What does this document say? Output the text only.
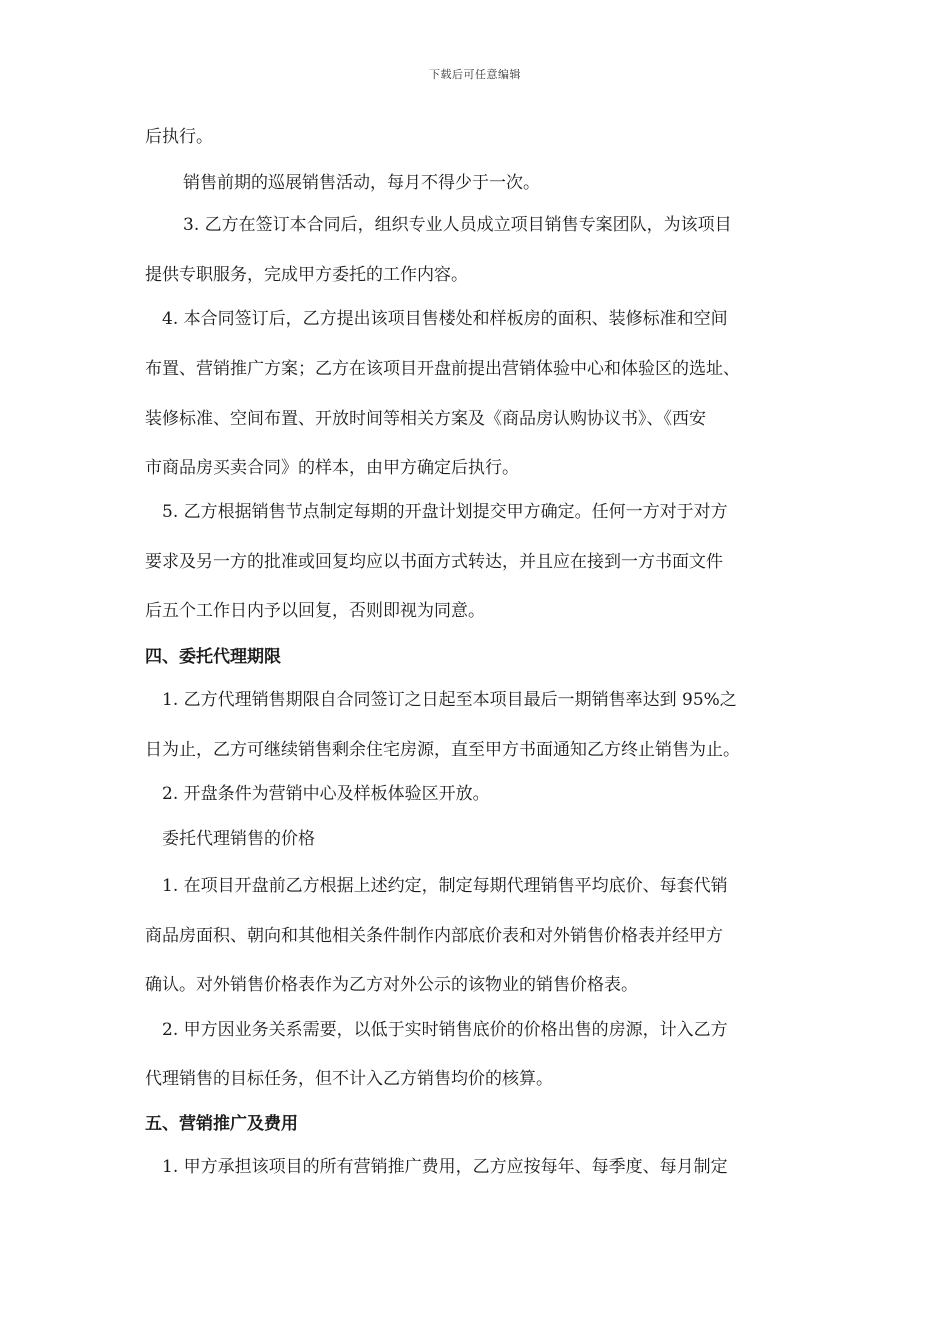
下载后可任意编辑
后执行。
销售前期的巡展销售活动，每月不得少于一次。
3. 乙方在签订本合同后，组织专业人员成立项目销售专案团队，为该项目
提供专职服务，完成甲方委托的工作内容。
4. 本合同签订后，乙方提出该项目售楼处和样板房的面积、装修标准和空间
布置、营销推广方案；乙方在该项目开盘前提出营销体验中心和体验区的选址、
装修标准、空间布置、开放时间等相关方案及《商品房认购协议书》、《西安
市商品房买卖合同》的样本，由甲方确定后执行。
5. 乙方根据销售节点制定每期的开盘计划提交甲方确定。任何一方对于对方
要求及另一方的批准或回复均应以书面方式转达，并且应在接到一方书面文件
后五个工作日内予以回复，否则即视为同意。
四、委托代理期限
1. 乙方代理销售期限自合同签订之日起至本项目最后一期销售率达到 95%之
日为止，乙方可继续销售剩余住宅房源，直至甲方书面通知乙方终止销售为止。
2. 开盘条件为营销中心及样板体验区开放。
委托代理销售的价格
1. 在项目开盘前乙方根据上述约定，制定每期代理销售平均底价、每套代销
商品房面积、朝向和其他相关条件制作内部底价表和对外销售价格表并经甲方
确认。对外销售价格表作为乙方对外公示的该物业的销售价格表。
2. 甲方因业务关系需要，以低于实时销售底价的价格出售的房源，计入乙方
代理销售的目标任务，但不计入乙方销售均价的核算。
五、营销推广及费用
1. 甲方承担该项目的所有营销推广费用，乙方应按每年、每季度、每月制定
